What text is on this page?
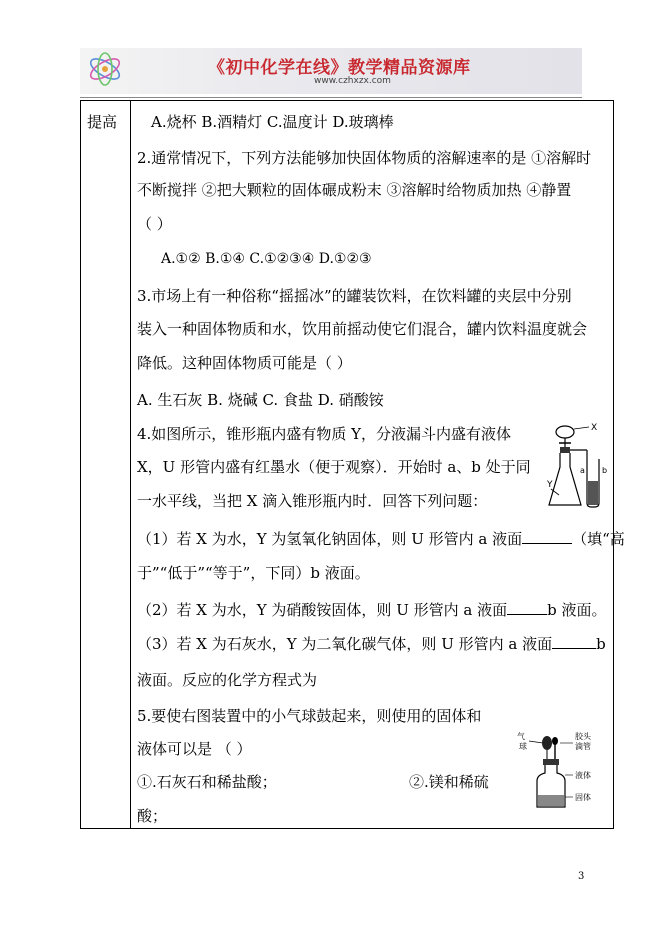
《初中化学在线》教学精品资源库
www.czhxzx.com
提高 A.烧杯 B.酒精灯 C.温度计 D.玻璃棒
2.通常情况下，下列方法能够加快固体物质的溶解速率的是 ①溶解时
不断搅拌 ②把大颗粒的固体碾成粉末 ③溶解时给物质加热 ④静置
（ ）
A.①② B.①④ C.①②③④ D.①②③
3.市场上有一种俗称“摇摇冰”的罐装饮料，在饮料罐的夹层中分别
装入一种固体物质和水，饮用前摇动使它们混合，罐内饮料温度就会
降低。这种固体物质可能是（ ）
A. 生石灰 B. 烧碱 C. 食盐 D. 硝酸铵
4.如图所示，锥形瓶内盛有物质 Y，分液漏斗内盛有液体
X，U 形管内盛有红墨水（便于观察）．开始时 a、b 处于同
一水平线，当把 X 滴入锥形瓶内时．回答下列问题：
（1）若 X 为水，Y 为氢氧化钠固体，则 U 形管内 a 液面	（填“高
于”“低于”“等于”，下同）b 液面。
（2）若 X 为水，Y 为硝酸铵固体，则 U 形管内 a 液面	b 液面。
（3）若 X 为石灰水，Y 为二氧化碳气体，则 U 形管内 a 液面	b
液面。反应的化学方程式为
5.要使右图装置中的小气球鼓起来，则使用的固体和
液体可以是 （ ）
①.石灰石和稀盐酸；	②.镁和稀硫
酸；
X
a b
Y
气
球
胶头
滴管
液体
固体
3
